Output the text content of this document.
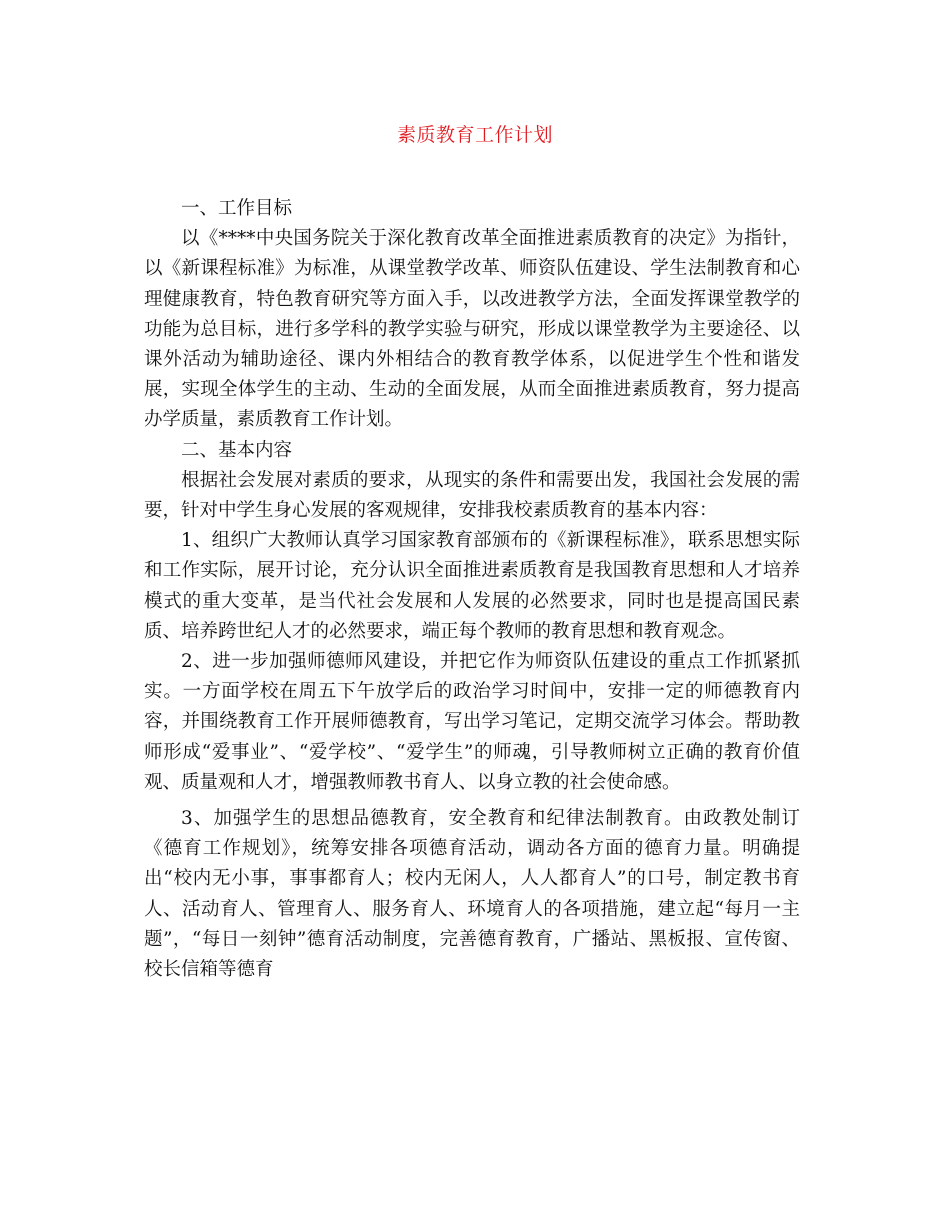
素质教育工作计划

一、工作目标

以《****中央国务院关于深化教育改革全面推进素质教育的决定》为指针，以《新课程标准》为标准，从课堂教学改革、师资队伍建设、学生法制教育和心理健康教育，特色教育研究等方面入手，以改进教学方法，全面发挥课堂教学的功能为总目标，进行多学科的教学实验与研究，形成以课堂教学为主要途径、以课外活动为辅助途径、课内外相结合的教育教学体系，以促进学生个性和谐发展，实现全体学生的主动、生动的全面发展，从而全面推进素质教育，努力提高办学质量，素质教育工作计划。

二、基本内容

根据社会发展对素质的要求，从现实的条件和需要出发，我国社会发展的需要，针对中学生身心发展的客观规律，安排我校素质教育的基本内容：

1、组织广大教师认真学习国家教育部颁布的《新课程标准》，联系思想实际和工作实际，展开讨论，充分认识全面推进素质教育是我国教育思想和人才培养模式的重大变革，是当代社会发展和人发展的必然要求，同时也是提高国民素质、培养跨世纪人才的必然要求，端正每个教师的教育思想和教育观念。

2、进一步加强师德师风建设，并把它作为师资队伍建设的重点工作抓紧抓实。一方面学校在周五下午放学后的政治学习时间中，安排一定的师德教育内容，并围绕教育工作开展师德教育，写出学习笔记，定期交流学习体会。帮助教师形成“爱事业”、“爱学校”、“爱学生”的师魂，引导教师树立正确的教育价值观、质量观和人才，增强教师教书育人、以身立教的社会使命感。

3、加强学生的思想品德教育，安全教育和纪律法制教育。由政教处制订《德育工作规划》，统筹安排各项德育活动，调动各方面的德育力量。明确提出“校内无小事，事事都育人；校内无闲人，人人都育人”的口号，制定教书育人、活动育人、管理育人、服务育人、环境育人的各项措施，建立起“每月一主题”，“每日一刻钟”德育活动制度，完善德育教育，广播站、黑板报、宣传窗、校长信箱等德育
